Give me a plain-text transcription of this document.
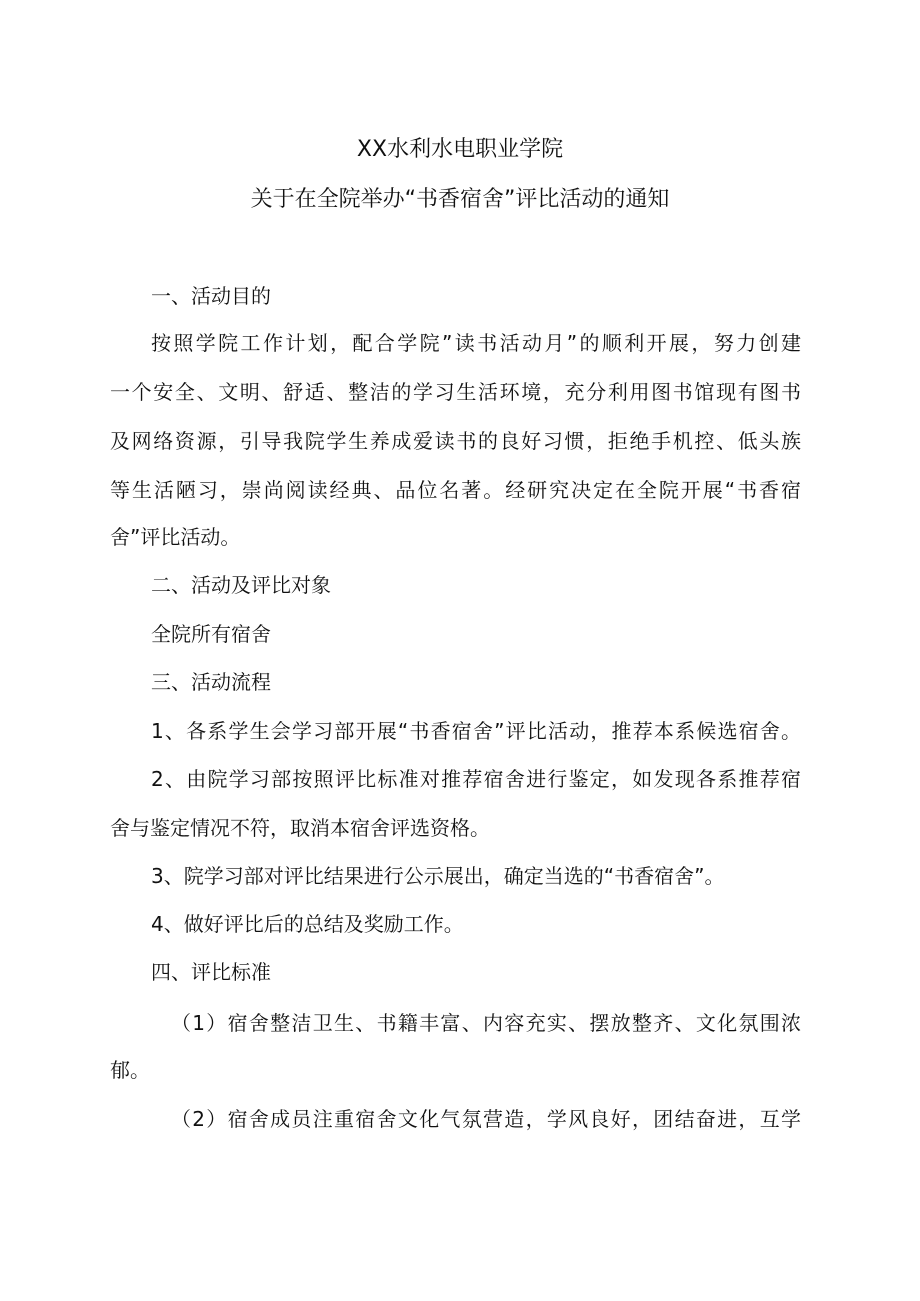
XX水利水电职业学院
关于在全院举办“书香宿舍”评比活动的通知
一、活动目的
按照学院工作计划，配合学院”读书活动月”的顺利开展，努力创建
一个安全、文明、舒适、整洁的学习生活环境，充分利用图书馆现有图书
及网络资源，引导我院学生养成爱读书的良好习惯，拒绝手机控、低头族
等生活陋习，崇尚阅读经典、品位名著。经研究决定在全院开展“书香宿
舍”评比活动。
二、活动及评比对象
全院所有宿舍
三、活动流程
1、各系学生会学习部开展“书香宿舍”评比活动，推荐本系候选宿舍。
2、由院学习部按照评比标准对推荐宿舍进行鉴定，如发现各系推荐宿
舍与鉴定情况不符，取消本宿舍评选资格。
3、院学习部对评比结果进行公示展出，确定当选的“书香宿舍”。
4、做好评比后的总结及奖励工作。
四、评比标准
（1）宿舍整洁卫生、书籍丰富、内容充实、摆放整齐、文化氛围浓
郁。
（2）宿舍成员注重宿舍文化气氛营造，学风良好，团结奋进，互学
